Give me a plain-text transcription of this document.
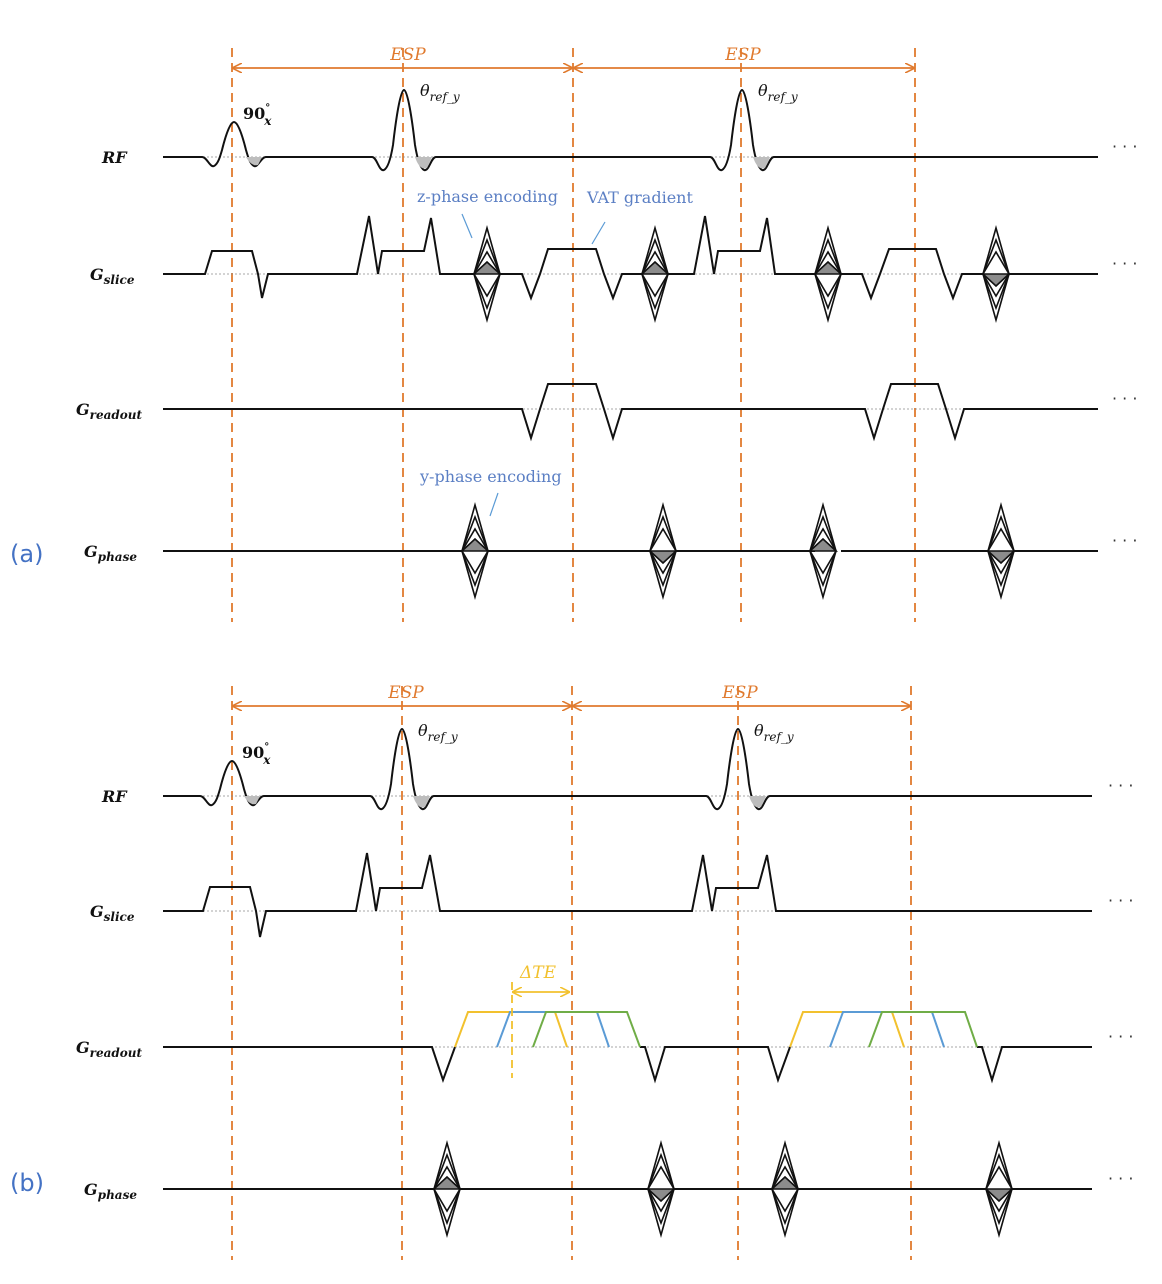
ESP	ESP
RF
90° x
$\theta_{ref\_y}$	$\theta_{ref\_y}$
· · ·
$G_{slice}$
z-phase encoding VAT gradient
· · ·
$G_{readout}$
· · ·
$G_{phase}$
y-phase encoding
(a)	· · ·
ESP	ESP
RF
90° x
$\theta_{ref\_y}$	$\theta_{ref\_y}$
· · ·
$G_{slice}$
· · ·
ΔTE
$G_{readout}$
· · ·
$G_{phase}$
(b)	· · ·
